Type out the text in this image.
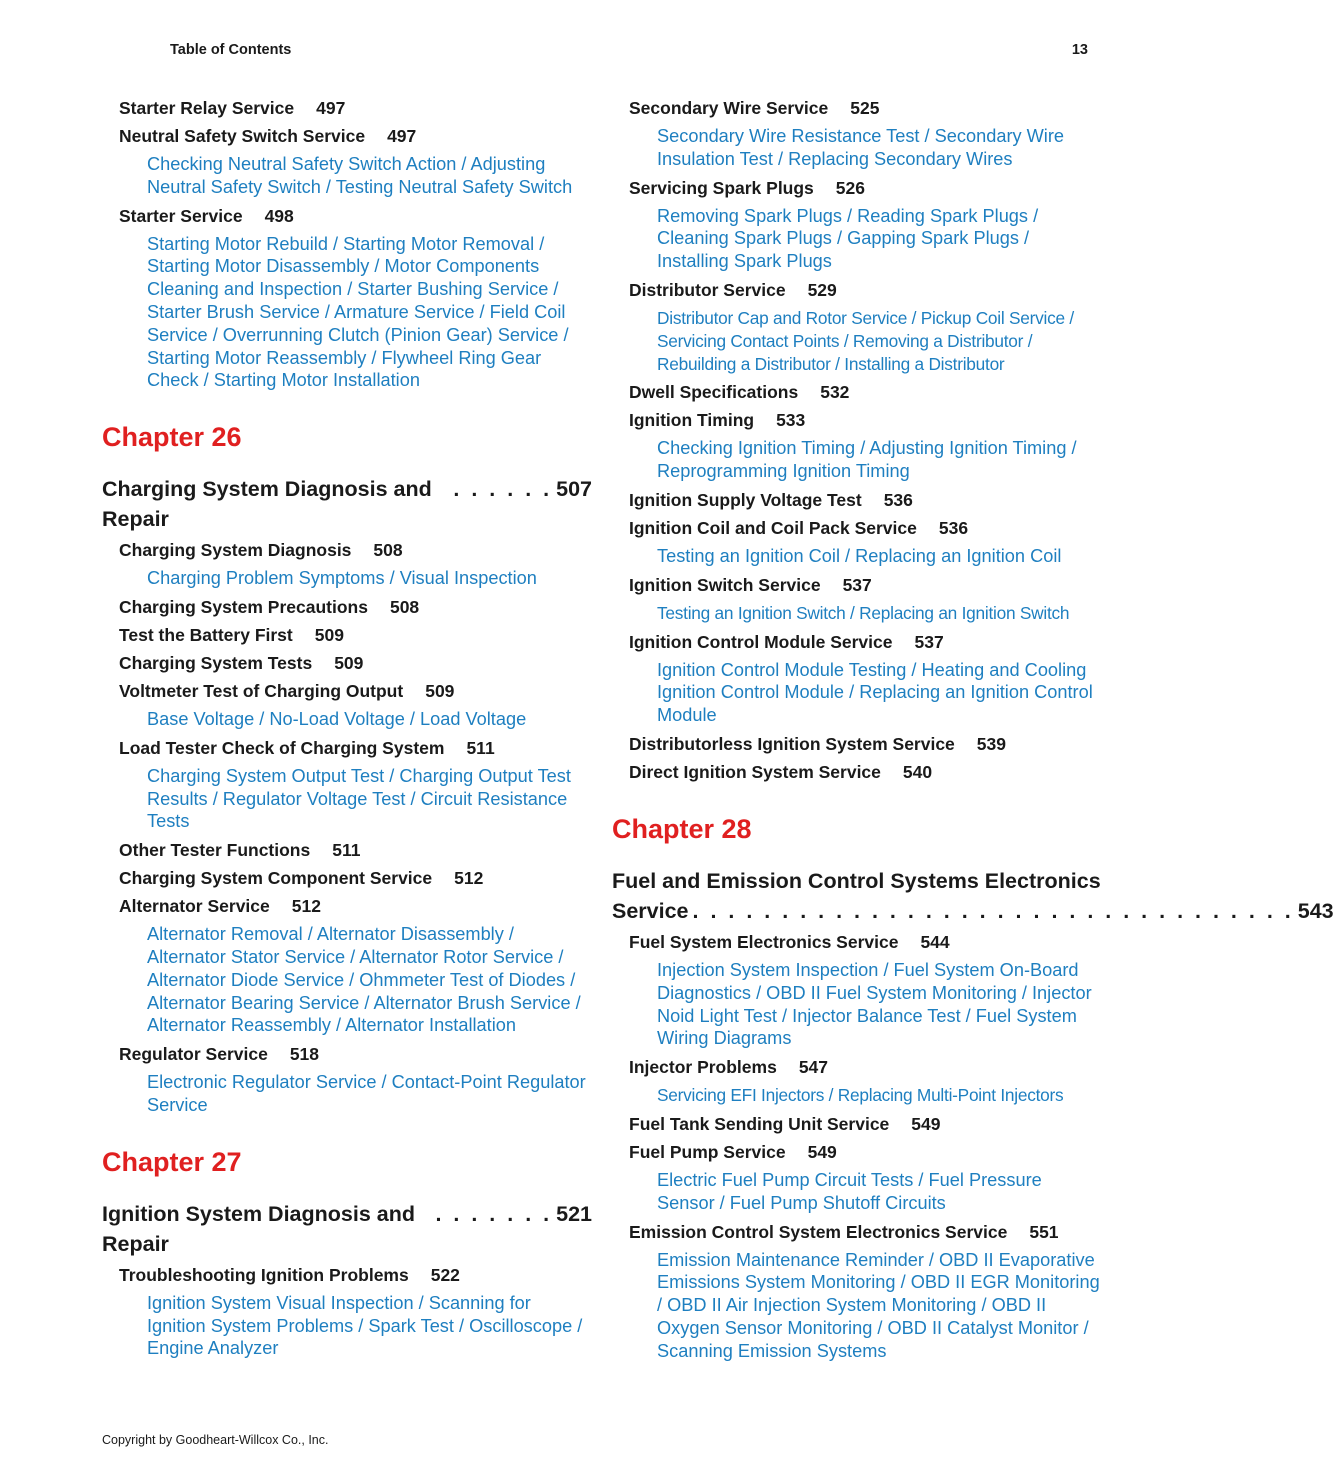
Table of Contents	13
Starter Relay Service 497
Neutral Safety Switch Service 497
Checking Neutral Safety Switch Action / Adjusting Neutral Safety Switch / Testing Neutral Safety Switch
Starter Service 498
Starting Motor Rebuild / Starting Motor Removal / Starting Motor Disassembly / Motor Components Cleaning and Inspection / Starter Bushing Service / Starter Brush Service / Armature Service / Field Coil Service / Overrunning Clutch (Pinion Gear) Service / Starting Motor Reassembly / Flywheel Ring Gear Check / Starting Motor Installation
Chapter 26
Charging System Diagnosis and Repair
. . . . . . 507
Charging System Diagnosis 508
Charging Problem Symptoms / Visual Inspection
Charging System Precautions 508
Test the Battery First 509
Charging System Tests 509
Voltmeter Test of Charging Output 509
Base Voltage / No-Load Voltage / Load Voltage
Load Tester Check of Charging System 511
Charging System Output Test / Charging Output Test Results / Regulator Voltage Test / Circuit Resistance Tests
Other Tester Functions 511
Charging System Component Service 512
Alternator Service 512
Alternator Removal / Alternator Disassembly / Alternator Stator Service / Alternator Rotor Service / Alternator Diode Service / Ohmmeter Test of Diodes / Alternator Bearing Service / Alternator Brush Service / Alternator Reassembly / Alternator Installation
Regulator Service 518
Electronic Regulator Service / Contact-Point Regulator Service
Chapter 27
Ignition System Diagnosis and Repair
. . . . . . . 521
Troubleshooting Ignition Problems 522
Ignition System Visual Inspection / Scanning for Ignition System Problems / Spark Test / Oscilloscope / Engine Analyzer
Secondary Wire Service 525
Secondary Wire Resistance Test / Secondary Wire Insulation Test / Replacing Secondary Wires
Servicing Spark Plugs 526
Removing Spark Plugs / Reading Spark Plugs / Cleaning Spark Plugs / Gapping Spark Plugs / Installing Spark Plugs
Distributor Service 529
Distributor Cap and Rotor Service / Pickup Coil Service / Servicing Contact Points / Removing a Distributor / Rebuilding a Distributor / Installing a Distributor
Dwell Specifications 532
Ignition Timing 533
Checking Ignition Timing / Adjusting Ignition Timing / Reprogramming Ignition Timing
Ignition Supply Voltage Test 536
Ignition Coil and Coil Pack Service 536
Testing an Ignition Coil / Replacing an Ignition Coil
Ignition Switch Service 537
Testing an Ignition Switch / Replacing an Ignition Switch
Ignition Control Module Service 537
Ignition Control Module Testing / Heating and Cooling Ignition Control Module / Replacing an Ignition Control Module
Distributorless Ignition System Service 539
Direct Ignition System Service 540
Chapter 28
Fuel and Emission Control Systems Electronics
Service . . . . . . . . . . . . . . . . . . . . . . . . . . . . . . . . . . 543
Fuel System Electronics Service 544
Injection System Inspection / Fuel System On-Board Diagnostics / OBD II Fuel System Monitoring / Injector Noid Light Test / Injector Balance Test / Fuel System Wiring Diagrams
Injector Problems 547
Servicing EFI Injectors / Replacing Multi-Point Injectors
Fuel Tank Sending Unit Service 549
Fuel Pump Service 549
Electric Fuel Pump Circuit Tests / Fuel Pressure Sensor / Fuel Pump Shutoff Circuits
Emission Control System Electronics Service 551
Emission Maintenance Reminder / OBD II Evaporative Emissions System Monitoring / OBD II EGR Monitoring / OBD II Air Injection System Monitoring / OBD II Oxygen Sensor Monitoring / OBD II Catalyst Monitor / Scanning Emission Systems
Copyright by Goodheart-Willcox Co., Inc.
